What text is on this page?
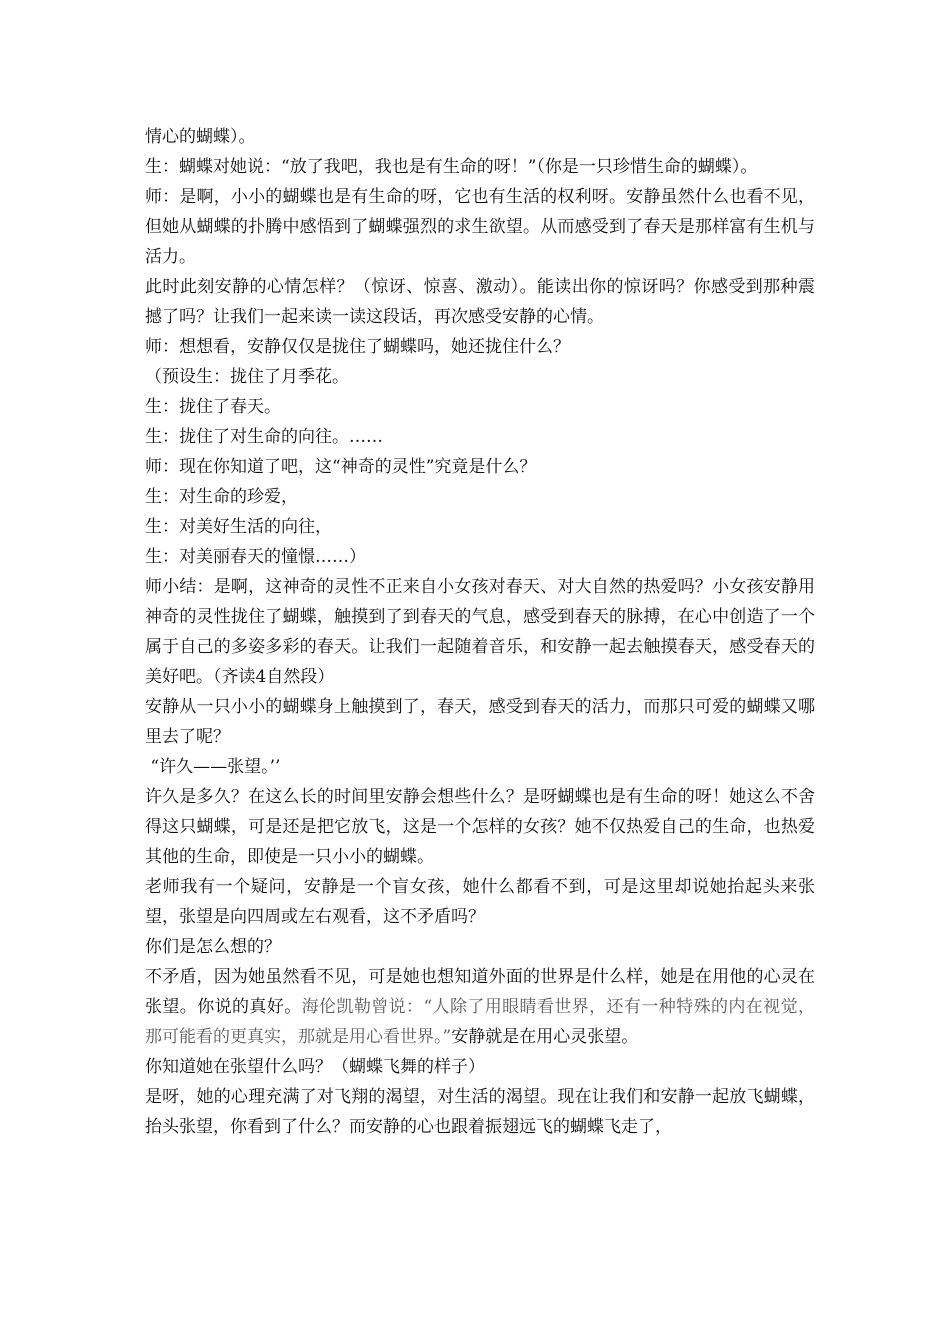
情心的蝴蝶）。

生：蝴蝶对她说：“放了我吧，我也是有生命的呀！”（你是一只珍惜生命的蝴蝶）。

师：是啊，小小的蝴蝶也是有生命的呀，它也有生活的权利呀。安静虽然什么也看不见，但她从蝴蝶的扑腾中感悟到了蝴蝶强烈的求生欲望。从而感受到了春天是那样富有生机与活力。

此时此刻安静的心情怎样？（惊讶、惊喜、激动）。能读出你的惊讶吗？你感受到那种震撼了吗？让我们一起来读一读这段话，再次感受安静的心情。

师：想想看，安静仅仅是拢住了蝴蝶吗，她还拢住什么？

（预设生：拢住了月季花。

生：拢住了春天。

生：拢住了对生命的向往。……

师：现在你知道了吧，这“神奇的灵性”究竟是什么？

生：对生命的珍爱，

生：对美好生活的向往，

生：对美丽春天的憧憬……）

师小结：是啊，这神奇的灵性不正来自小女孩对春天、对大自然的热爱吗？小女孩安静用神奇的灵性拢住了蝴蝶，触摸到了到春天的气息，感受到春天的脉搏，在心中创造了一个属于自己的多姿多彩的春天。让我们一起随着音乐，和安静一起去触摸春天，感受春天的美好吧。（齐读4自然段）

安静从一只小小的蝴蝶身上触摸到了，春天，感受到春天的活力，而那只可爱的蝴蝶又哪里去了呢？

“许久——张望。’’

许久是多久？在这么长的时间里安静会想些什么？是呀蝴蝶也是有生命的呀！她这么不舍得这只蝴蝶，可是还是把它放飞，这是一个怎样的女孩？她不仅热爱自己的生命，也热爱其他的生命，即使是一只小小的蝴蝶。

老师我有一个疑问，安静是一个盲女孩，她什么都看不到，可是这里却说她抬起头来张望，张望是向四周或左右观看，这不矛盾吗？

你们是怎么想的？

不矛盾，因为她虽然看不见，可是她也想知道外面的世界是什么样，她是在用他的心灵在张望。你说的真好。海伦凯勒曾说：“人除了用眼睛看世界，还有一种特殊的内在视觉，那可能看的更真实，那就是用心看世界。”安静就是在用心灵张望。

你知道她在张望什么吗？（蝴蝶飞舞的样子）

是呀，她的心理充满了对飞翔的渴望，对生活的渴望。现在让我们和安静一起放飞蝴蝶，抬头张望，你看到了什么？而安静的心也跟着振翅远飞的蝴蝶飞走了，
